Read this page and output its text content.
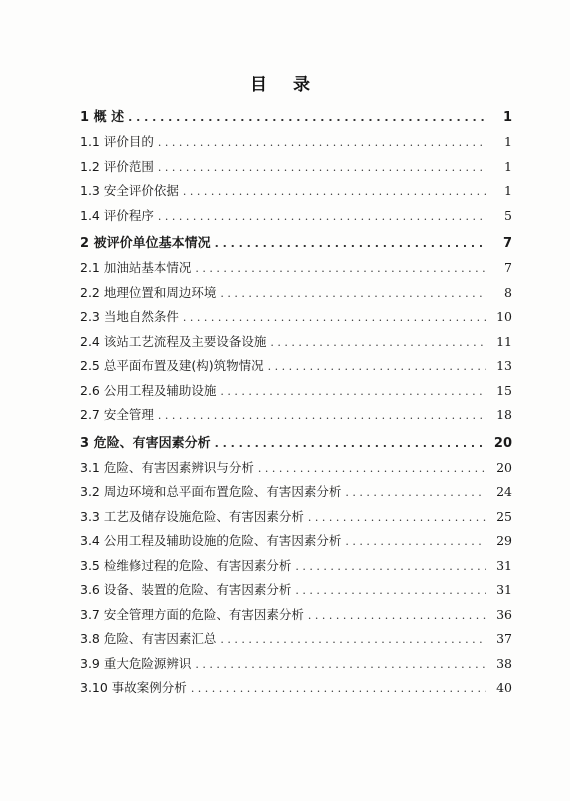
目 录
1 概 述 . . .	1
1.1 评价目的 . . .	1
1.2 评价范围 . . .	1
1.3 安全评价依据 . . .	1
1.4 评价程序 . . .	5
2 被评价单位基本情况 . . .	7
2.1 加油站基本情况 . . .	7
2.2 地理位置和周边环境 . . .	8
2.3 当地自然条件 . . .	10
2.4 该站工艺流程及主要设备设施 . . .	11
2.5 总平面布置及建(构)筑物情况 . . .	13
2.6 公用工程及辅助设施 . . .	15
2.7 安全管理 . . .	18
3 危险、有害因素分析 . . .	20
3.1 危险、有害因素辨识与分析 . . .	20
3.2 周边环境和总平面布置危险、有害因素分析 . . .	24
3.3 工艺及储存设施危险、有害因素分析 . . .	25
3.4 公用工程及辅助设施的危险、有害因素分析 . . .	29
3.5 检维修过程的危险、有害因素分析 . . .	31
3.6 设备、装置的危险、有害因素分析 . . .	31
3.7 安全管理方面的危险、有害因素分析 . . .	36
3.8 危险、有害因素汇总 . . .	37
3.9 重大危险源辨识 . . .	38
3.10 事故案例分析 . . .	40
